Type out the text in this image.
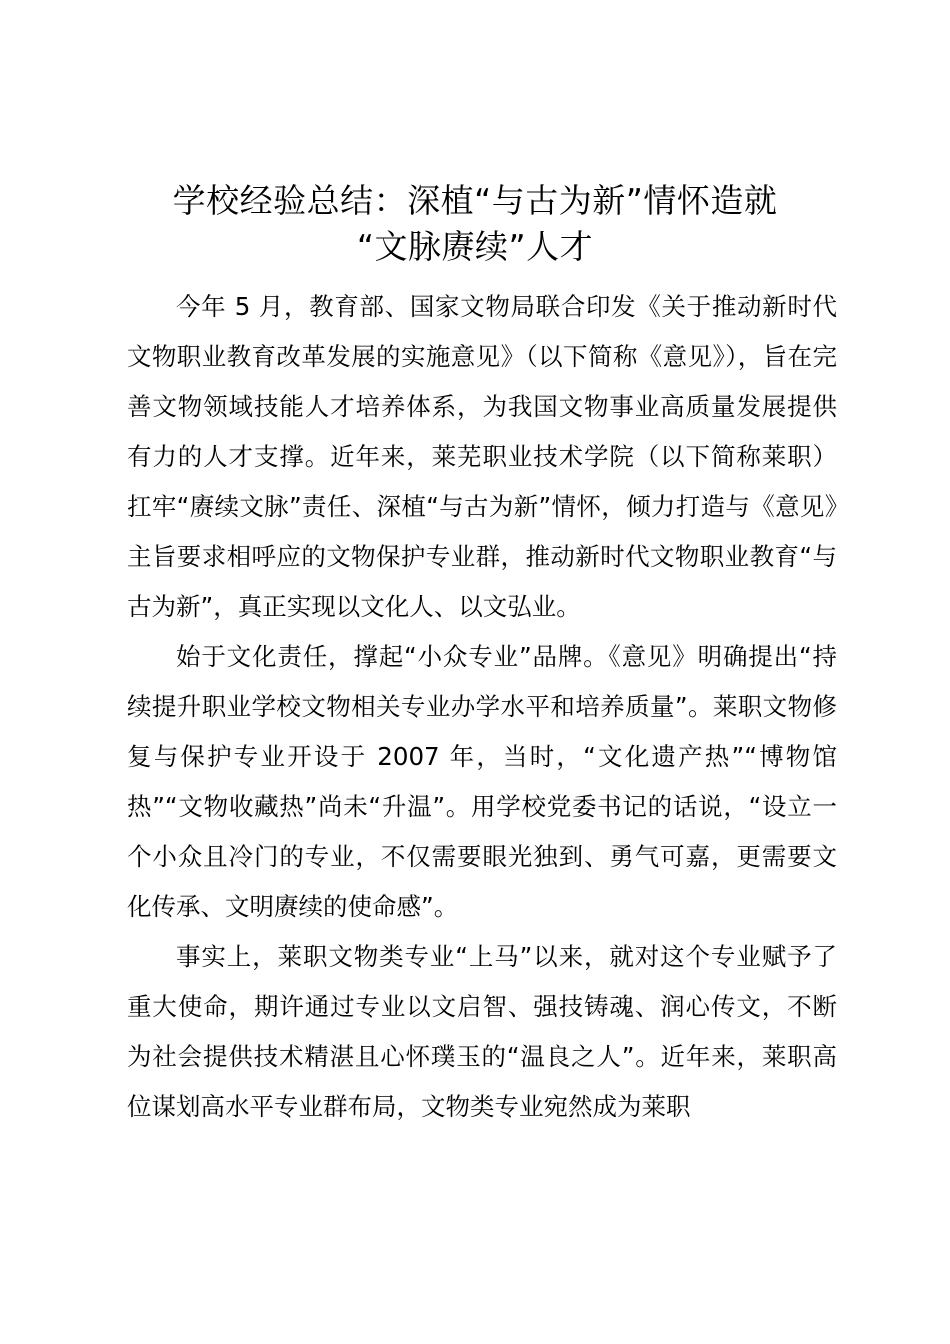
学校经验总结：深植“与古为新”情怀造就
“文脉赓续”人才

今年 5 月，教育部、国家文物局联合印发《关于推动新时代文物职业教育改革发展的实施意见》（以下简称《意见》），旨在完善文物领域技能人才培养体系，为我国文物事业高质量发展提供有力的人才支撑。近年来，莱芜职业技术学院（以下简称莱职）扛牢“赓续文脉”责任、深植“与古为新”情怀，倾力打造与《意见》主旨要求相呼应的文物保护专业群，推动新时代文物职业教育“与古为新”，真正实现以文化人、以文弘业。

始于文化责任，撑起“小众专业”品牌。《意见》明确提出“持续提升职业学校文物相关专业办学水平和培养质量”。莱职文物修复与保护专业开设于 2007 年，当时，“文化遗产热”“博物馆热”“文物收藏热”尚未“升温”。用学校党委书记的话说，“设立一个小众且冷门的专业，不仅需要眼光独到、勇气可嘉，更需要文化传承、文明赓续的使命感”。

事实上，莱职文物类专业“上马”以来，就对这个专业赋予了重大使命，期许通过专业以文启智、强技铸魂、润心传文，不断为社会提供技术精湛且心怀璞玉的“温良之人”。近年来，莱职高位谋划高水平专业群布局，文物类专业宛然成为莱职
